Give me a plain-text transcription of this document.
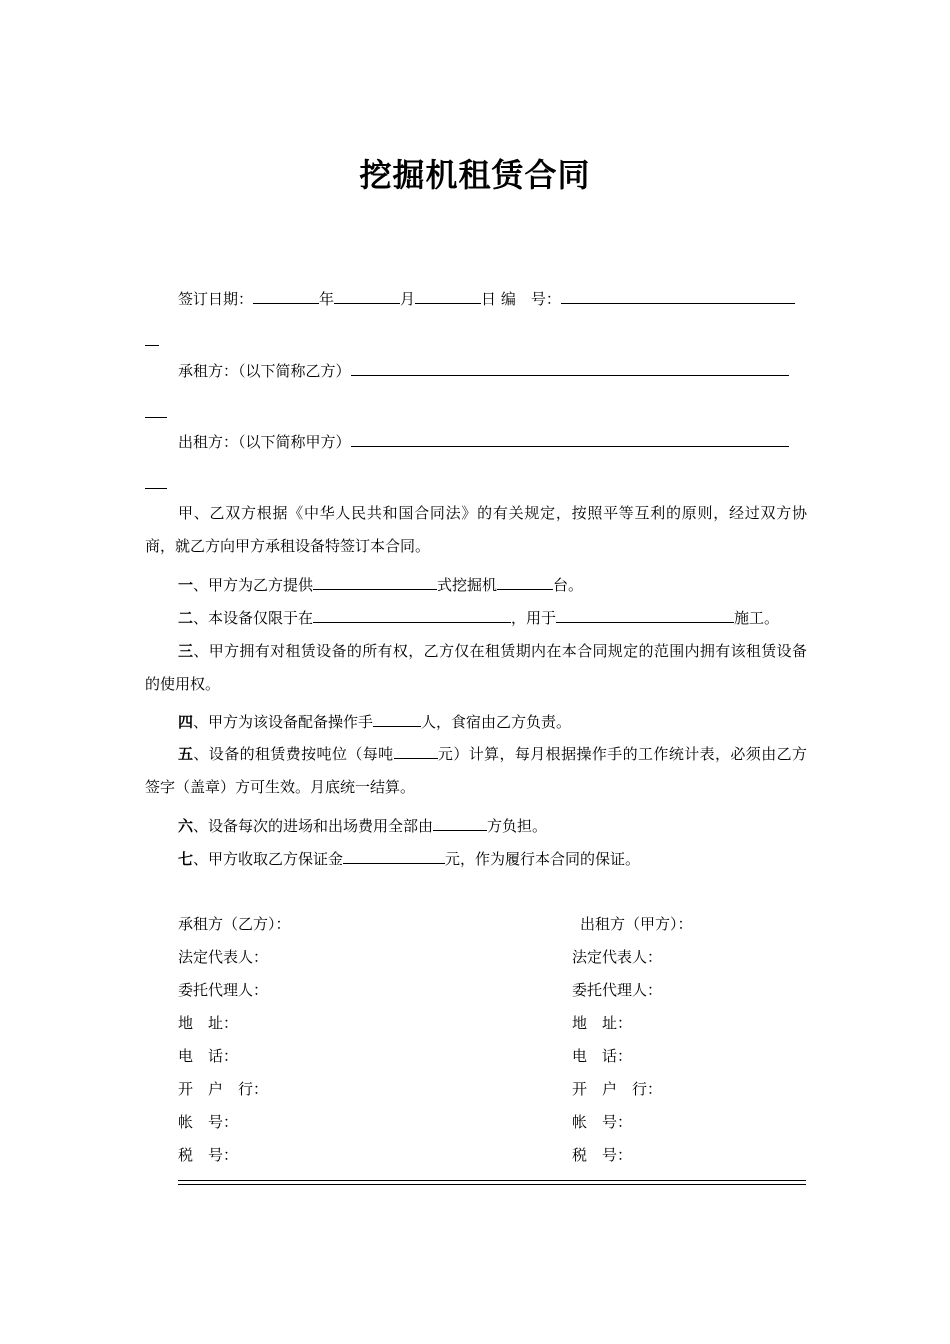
挖掘机租赁合同
签订日期：	年	月	日 编　号：
承租方：（以下简称乙方）
出租方：（以下简称甲方）
甲、乙双方根据《中华人民共和国合同法》的有关规定，按照平等互利的原则，经过双方协商，就乙方向甲方承租设备特签订本合同。
一、甲方为乙方提供	式挖掘机	台。
二、本设备仅限于在	，用于	施工。
三、甲方拥有对租赁设备的所有权，乙方仅在租赁期内在本合同规定的范围内拥有该租赁设备的使用权。
四、甲方为该设备配备操作手	人，食宿由乙方负责。
五、设备的租赁费按吨位（每吨	元）计算，每月根据操作手的工作统计表，必须由乙方签字（盖章）方可生效。月底统一结算。
六、设备每次的进场和出场费用全部由	方负担。
七、甲方收取乙方保证金	元，作为履行本合同的保证。
承租方（乙方）：
法定代表人：
委托代理人：
地　址：
电　话：
开　户　行：
帐　号：
税　号：
出租方（甲方）：
法定代表人：
委托代理人：
地　址：
电　话：
开　户　行：
帐　号：
税　号：
